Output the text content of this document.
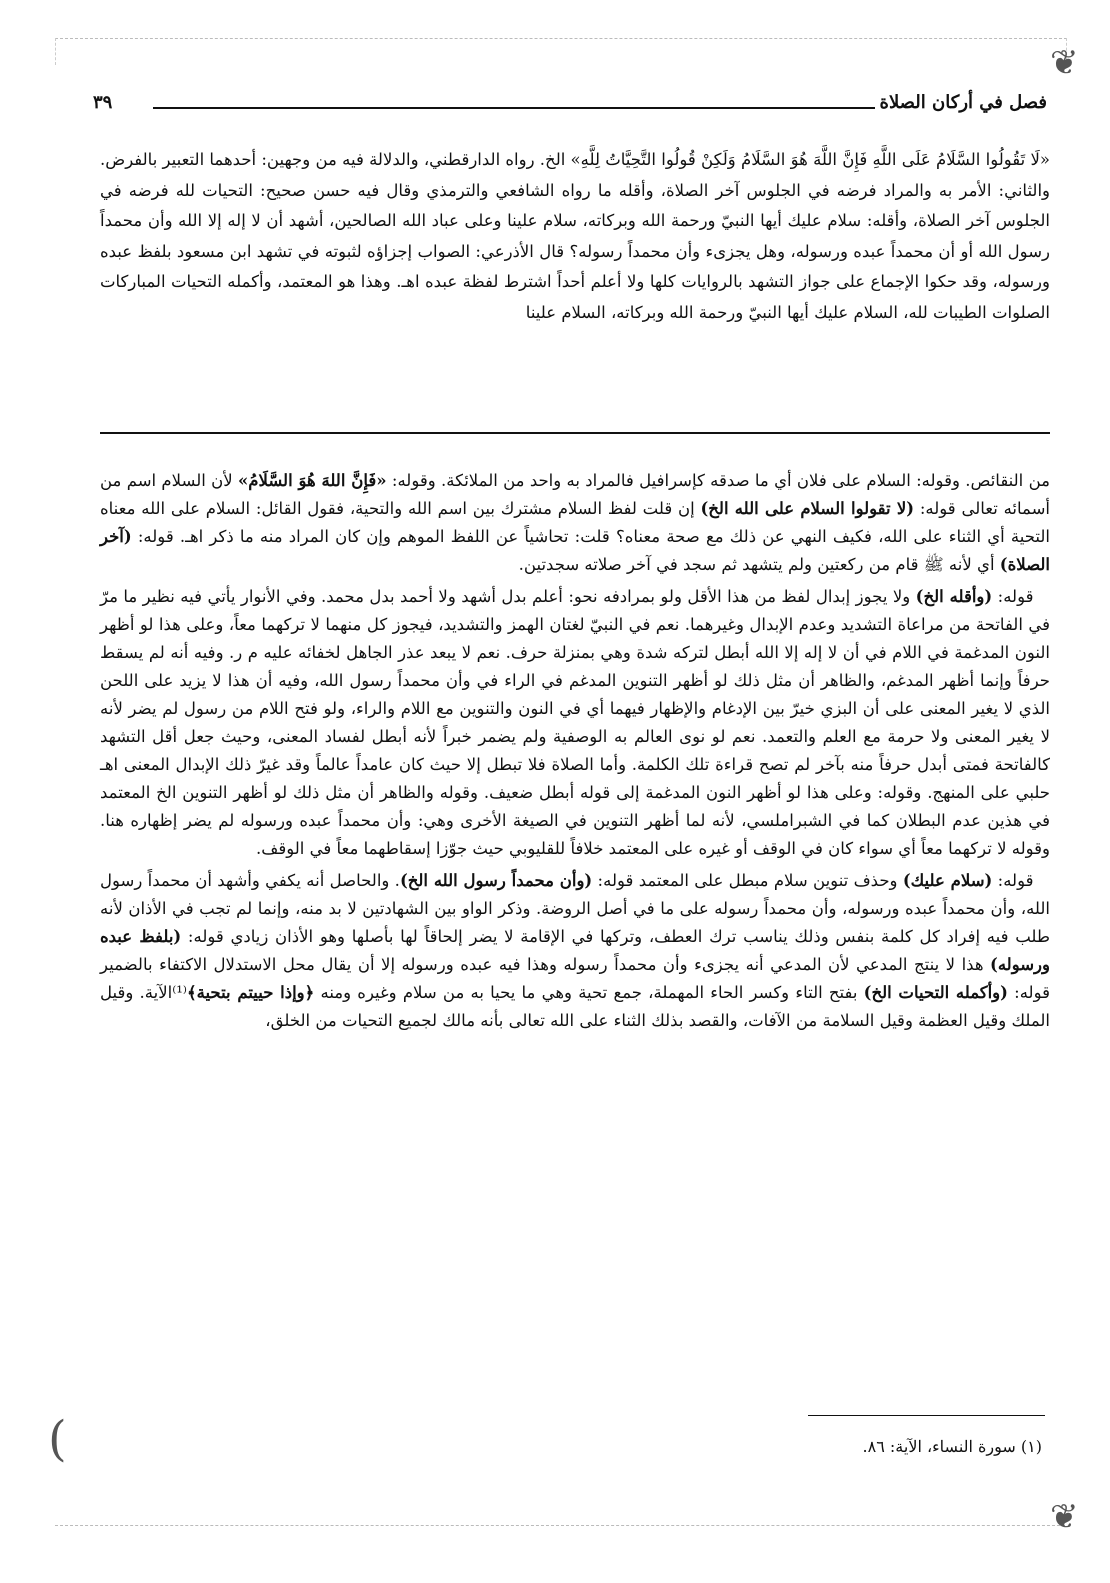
❦
❦
(
فصل في أركان الصلاة
٣٩
«لَا تَقُولُوا السَّلَامُ عَلَى اللَّهِ فَإِنَّ اللَّهَ هُوَ السَّلَامُ وَلَكِنْ قُولُوا التَّحِيَّاتُ لِلَّهِ» الخ. رواه الدارقطني، والدلالة فيه من وجهين: أحدهما التعبير بالفرض. والثاني: الأمر به والمراد فرضه في الجلوس آخر الصلاة، وأقله ما رواه الشافعي والترمذي وقال فيه حسن صحيح: التحيات لله فرضه في الجلوس آخر الصلاة، وأقله: سلام عليك أيها النبيّ ورحمة الله وبركاته، سلام علينا وعلى عباد الله الصالحين، أشهد أن لا إله إلا الله وأن محمداً رسول الله أو أن محمداً عبده ورسوله، وهل يجزىء وأن محمداً رسوله؟ قال الأذرعي: الصواب إجزاؤه لثبوته في تشهد ابن مسعود بلفظ عبده ورسوله، وقد حكوا الإجماع على جواز التشهد بالروايات كلها ولا أعلم أحداً اشترط لفظة عبده اهـ. وهذا هو المعتمد، وأكمله التحيات المباركات الصلوات الطيبات لله، السلام عليك أيها النبيّ ورحمة الله وبركاته، السلام علينا

من النقائص. وقوله: السلام على فلان أي ما صدقه كإسرافيل فالمراد به واحد من الملائكة. وقوله: «فَإِنَّ اللهَ هُوَ السَّلَامُ» لأن السلام اسم من أسمائه تعالى قوله: (لا تقولوا السلام على الله الخ) إن قلت لفظ السلام مشترك بين اسم الله والتحية، فقول القائل: السلام على الله معناه التحية أي الثناء على الله، فكيف النهي عن ذلك مع صحة معناه؟ قلت: تحاشياً عن اللفظ الموهم وإن كان المراد منه ما ذكر اهـ. قوله: (آخر الصلاة) أي لأنه ﷺ قام من ركعتين ولم يتشهد ثم سجد في آخر صلاته سجدتين.

 قوله: (وأقله الخ) ولا يجوز إبدال لفظ من هذا الأقل ولو بمرادفه نحو: أعلم بدل أشهد ولا أحمد بدل محمد. وفي الأنوار يأتي فيه نظير ما مرّ في الفاتحة من مراعاة التشديد وعدم الإبدال وغيرهما. نعم في النبيّ لغتان الهمز والتشديد، فيجوز كل منهما لا تركهما معاً، وعلى هذا لو أظهر النون المدغمة في اللام في أن لا إله إلا الله أبطل لتركه شدة وهي بمنزلة حرف. نعم لا يبعد عذر الجاهل لخفائه عليه م ر. وفيه أنه لم يسقط حرفاً وإنما أظهر المدغم، والظاهر أن مثل ذلك لو أظهر التنوين المدغم في الراء في وأن محمداً رسول الله، وفيه أن هذا لا يزيد على اللحن الذي لا يغير المعنى على أن البزي خيرّ بين الإدغام والإظهار فيهما أي في النون والتنوين مع اللام والراء، ولو فتح اللام من رسول لم يضر لأنه لا يغير المعنى ولا حرمة مع العلم والتعمد. نعم لو نوى العالم به الوصفية ولم يضمر خبراً لأنه أبطل لفساد المعنى، وحيث جعل أقل التشهد كالفاتحة فمتى أبدل حرفاً منه بآخر لم تصح قراءة تلك الكلمة. وأما الصلاة فلا تبطل إلا حيث كان عامداً عالماً وقد غيرّ ذلك الإبدال المعنى اهـ حلبي على المنهج. وقوله: وعلى هذا لو أظهر النون المدغمة إلى قوله أبطل ضعيف. وقوله والظاهر أن مثل ذلك لو أظهر التنوين الخ المعتمد في هذين عدم البطلان كما في الشبراملسي، لأنه لما أظهر التنوين في الصيغة الأخرى وهي: وأن محمداً عبده ورسوله لم يضر إظهاره هنا. وقوله لا تركهما معاً أي سواء كان في الوقف أو غيره على المعتمد خلافاً للقليوبي حيث جوّزا إسقاطهما معاً في الوقف.

 قوله: (سلام عليك) وحذف تنوين سلام مبطل على المعتمد قوله: (وأن محمداً رسول الله الخ). والحاصل أنه يكفي وأشهد أن محمداً رسول الله، وأن محمداً عبده ورسوله، وأن محمداً رسوله على ما في أصل الروضة. وذكر الواو بين الشهادتين لا بد منه، وإنما لم تجب في الأذان لأنه طلب فيه إفراد كل كلمة بنفس وذلك يناسب ترك العطف، وتركها في الإقامة لا يضر إلحاقاً لها بأصلها وهو الأذان زيادي قوله: (بلفظ عبده ورسوله) هذا لا ينتج المدعي لأن المدعي أنه يجزىء وأن محمداً رسوله وهذا فيه عبده ورسوله إلا أن يقال محل الاستدلال الاكتفاء بالضمير قوله: (وأكمله التحيات الخ) بفتح التاء وكسر الحاء المهملة، جمع تحية وهي ما يحيا به من سلام وغيره ومنه ﴿وإذا حييتم بتحية﴾⁽¹⁾الآية. وقيل الملك وقيل العظمة وقيل السلامة من الآفات، والقصد بذلك الثناء على الله تعالى بأنه مالك لجميع التحيات من الخلق،

(١) سورة النساء، الآية: ٨٦.
